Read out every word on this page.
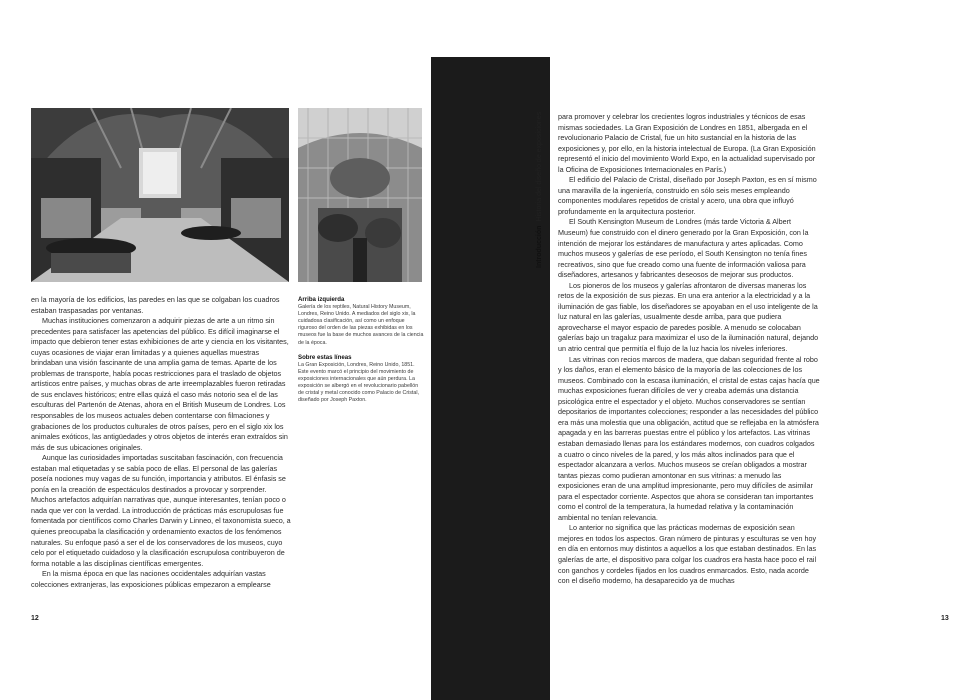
en la mayoría de los edificios, las paredes en las que se colgaban los cuadros estaban traspasadas por ventanas.

Muchas instituciones comenzaron a adquirir piezas de arte a un ritmo sin precedentes para satisfacer las apetencias del público. Es difícil imaginarse el impacto que debieron tener estas exhibiciones de arte y ciencia en los visitantes, cuyas ocasiones de viajar eran limitadas y a quienes aquellas muestras brindaban una visión fascinante de una amplia gama de temas. Aparte de los problemas de transporte, había pocas restricciones para el traslado de objetos artísticos entre países, y muchas obras de arte irreemplazables fueron retiradas de sus enclaves históricos; entre ellas quizá el caso más notorio sea el de las esculturas del Partenón de Atenas, ahora en el British Museum de Londres. Los responsables de los museos actuales deben contentarse con filmaciones y grabaciones de los productos culturales de otros países, pero en el siglo xix los animales exóticos, las antigüedades y otros objetos de interés eran extraídos sin más de sus ubicaciones originales.

Aunque las curiosidades importadas suscitaban fascinación, con frecuencia estaban mal etiquetadas y se sabía poco de ellas. El personal de las galerías poseía nociones muy vagas de su función, importancia y atributos. El énfasis se ponía en la creación de espectáculos destinados a provocar y sorprender. Muchos artefactos adquirían narrativas que, aunque interesantes, tenían poco o nada que ver con la verdad. La introducción de prácticas más escrupulosas fue fomentada por científicos como Charles Darwin y Linneo, el taxonomista sueco, a quienes preocupaba la clasificación y ordenamiento exactos de los fenómenos naturales. Su enfoque pasó a ser el de los conservadores de los museos, cuyo celo por el etiquetado cuidadoso y la clasificación escrupulosa contribuyeron de forma notable a las disciplinas científicas emergentes.

En la misma época en que las naciones occidentales adquirían vastas colecciones extranjeras, las exposiciones públicas empezaron a emplearse

Arriba izquierda
Galería de los reptiles, Natural History Museum, Londres, Reino Unido. A mediados del siglo xix, la cuidadosa clasificación, así como un enfoque riguroso del orden de las piezas exhibidas en los museos fue la base de muchos avances de la ciencia de la época.
Sobre estas líneas
La Gran Exposición, Londres, Reino Unido, 1851. Este evento marcó el principio del movimiento de exposiciones internacionales que aún perdura. La exposición se albergó en el revolucionario pabellón de cristal y metal conocido como Palacio de Cristal, diseñado por Joseph Paxton.
IntroducciónHistoria del diseño de exposiciones	para promover y celebrar los crecientes logros industriales y técnicos de esas mismas sociedades. La Gran Exposición de Londres en 1851, albergada en el revolucionario Palacio de Cristal, fue un hito sustancial en la historia de las exposiciones y, por ello, en la historia intelectual de Europa. (La Gran Exposición representó el inicio del movimiento World Expo, en la actualidad supervisado por la Oficina de Exposiciones Internacionales en París.)

El edificio del Palacio de Cristal, diseñado por Joseph Paxton, es en sí mismo una maravilla de la ingeniería, construido en sólo seis meses empleando componentes modulares repetidos de cristal y acero, una obra que influyó profundamente en la arquitectura posterior.

El South Kensington Museum de Londres (más tarde Victoria & Albert Museum) fue construido con el dinero generado por la Gran Exposición, con la intención de mejorar los estándares de manufactura y artes aplicadas. Como muchos museos y galerías de ese período, el South Kensington no tenía fines recreativos, sino que fue creado como una fuente de información valiosa para diseñadores, artesanos y fabricantes deseosos de mejorar sus productos.

Los pioneros de los museos y galerías afrontaron de diversas maneras los retos de la exposición de sus piezas. En una era anterior a la electricidad y a la iluminación de gas fiable, los diseñadores se apoyaban en el uso inteligente de la luz natural en las galerías, usualmente desde arriba, para que pudiera aprovecharse el mayor espacio de paredes posible. A menudo se colocaban galerías bajo un tragaluz para maximizar el uso de la iluminación natural, dejando un atrio central que permitía el flujo de la luz hacia los niveles inferiores.

Las vitrinas con recios marcos de madera, que daban seguridad frente al robo y los daños, eran el elemento básico de la mayoría de las colecciones de los museos. Combinado con la escasa iluminación, el cristal de estas cajas hacía que muchas exposiciones fueran difíciles de ver y creaba además una distancia psicológica entre el espectador y el objeto. Muchos conservadores se sentían depositarios de importantes colecciones; responder a las necesidades del público era más una molestia que una obligación, actitud que se reflejaba en la atmósfera apagada y en las barreras puestas entre el público y los artefactos. Las vitrinas estaban demasiado llenas para los estándares modernos, con cuadros colgados a cuatro o cinco niveles de la pared, y los más altos inclinados para que el espectador alcanzara a verlos. Muchos museos se creían obligados a mostrar tantas piezas como pudieran amontonar en sus vitrinas: a menudo las exposiciones eran de una amplitud impresionante, pero muy difíciles de asimilar para el espectador corriente. Aspectos que ahora se consideran tan importantes como el control de la temperatura, la humedad relativa y la contaminación ambiental no tenían relevancia.

Lo anterior no significa que las prácticas modernas de exposición sean mejores en todos los aspectos. Gran número de pinturas y esculturas se ven hoy en día en entornos muy distintos a aquellos a los que estaban destinados. En las galerías de arte, el dispositivo para colgar los cuadros era hasta hace poco el rail con ganchos y cordeles fijados en los cuadros enmarcados. Esto, nada acorde con el diseño moderno, ha desaparecido ya de muchas

12	13
